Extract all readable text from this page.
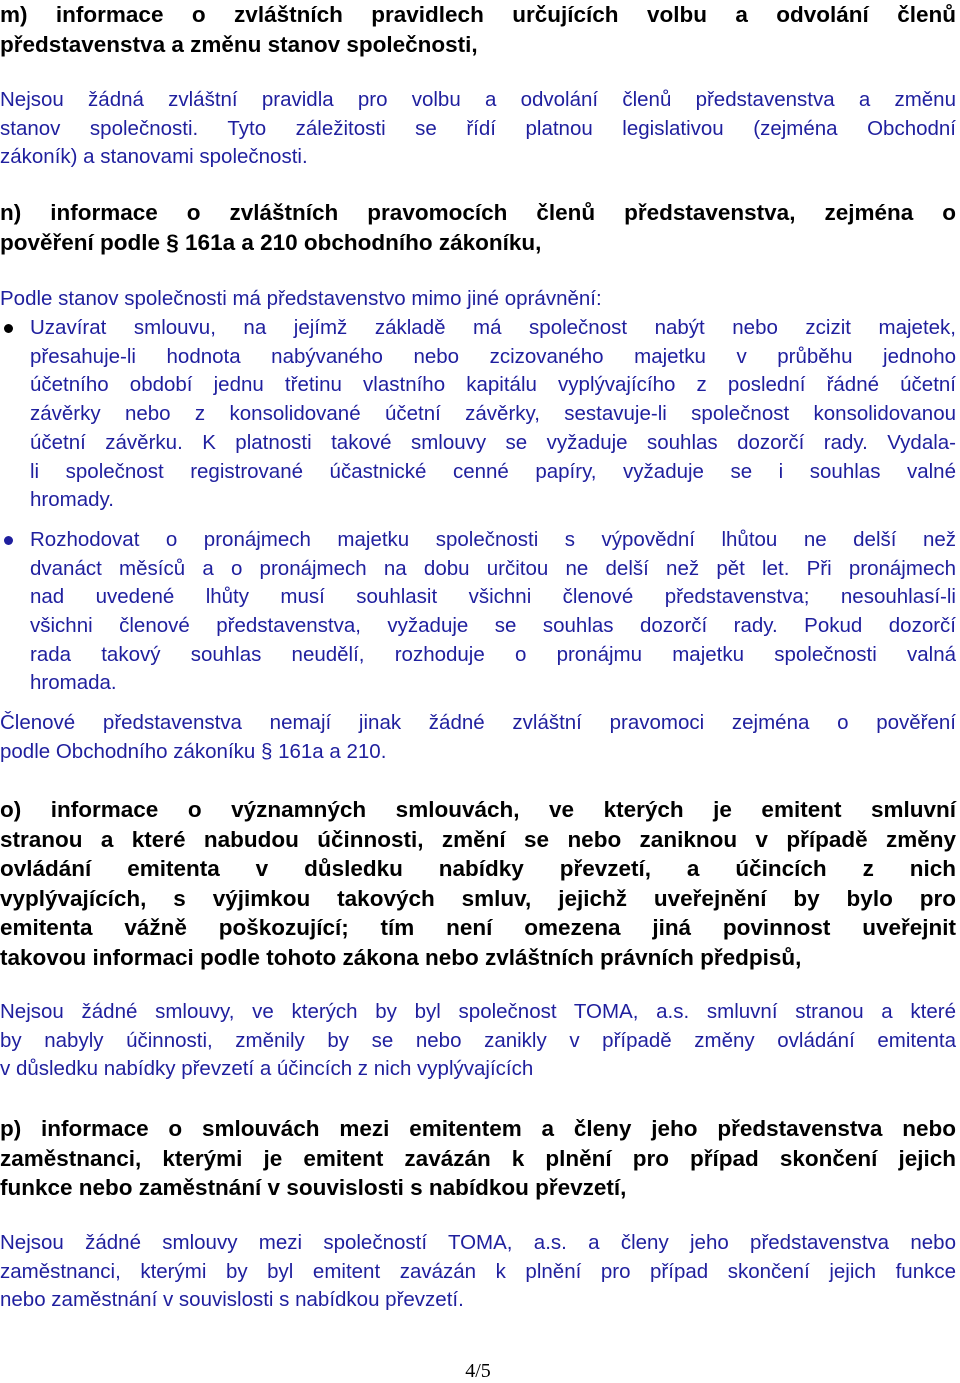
m) informace o zvláštních pravidlech určujících volbu a odvolání členů
představenstva a změnu stanov společnosti,
Nejsou žádná zvláštní pravidla pro volbu a odvolání členů představenstva a změnu
stanov společnosti. Tyto záležitosti se řídí platnou legislativou (zejména Obchodní
zákoník) a stanovami společnosti.
n) informace o zvláštních pravomocích členů představenstva, zejména o
pověření podle § 161a a 210 obchodního zákoníku,
Podle stanov společnosti má představenstvo mimo jiné oprávnění:
Uzavírat smlouvu, na jejímž základě má společnost nabýt nebo zcizit majetek,
přesahuje-li hodnota nabývaného nebo zcizovaného majetku v průběhu jednoho
účetního období jednu třetinu vlastního kapitálu vyplývajícího z poslední řádné účetní
závěrky nebo z konsolidované účetní závěrky, sestavuje-li společnost konsolidovanou
účetní závěrku. K platnosti takové smlouvy se vyžaduje souhlas dozorčí rady. Vydala-
li společnost registrované účastnické cenné papíry, vyžaduje se i souhlas valné
hromady.
Rozhodovat o pronájmech majetku společnosti s výpovědní lhůtou ne delší než
dvanáct měsíců a o pronájmech na dobu určitou ne delší než pět let. Při pronájmech
nad uvedené lhůty musí souhlasit všichni členové představenstva; nesouhlasí-li
všichni členové představenstva, vyžaduje se souhlas dozorčí rady. Pokud dozorčí
rada takový souhlas neudělí, rozhoduje o pronájmu majetku společnosti valná
hromada.
Členové představenstva nemají jinak žádné zvláštní pravomoci zejména o pověření
podle Obchodního zákoníku § 161a a 210.
o) informace o významných smlouvách, ve kterých je emitent smluvní
stranou a které nabudou účinnosti, změní se nebo zaniknou v případě změny
ovládání emitenta v důsledku nabídky převzetí, a účincích z nich
vyplývajících, s výjimkou takových smluv, jejichž uveřejnění by bylo pro
emitenta vážně poškozující; tím není omezena jiná povinnost uveřejnit
takovou informaci podle tohoto zákona nebo zvláštních právních předpisů,
Nejsou žádné smlouvy, ve kterých by byl společnost TOMA, a.s. smluvní stranou a které
by nabyly účinnosti, změnily by se nebo zanikly v případě změny ovládání emitenta
v důsledku nabídky převzetí a účincích z nich vyplývajících
p) informace o smlouvách mezi emitentem a členy jeho představenstva nebo
zaměstnanci, kterými je emitent zavázán k plnění pro případ skončení jejich
funkce nebo zaměstnání v souvislosti s nabídkou převzetí,
Nejsou žádné smlouvy mezi společností TOMA, a.s. a členy jeho představenstva nebo
zaměstnanci, kterými by byl emitent zavázán k plnění pro případ skončení jejich funkce
nebo zaměstnání v souvislosti s nabídkou převzetí.
4/5
